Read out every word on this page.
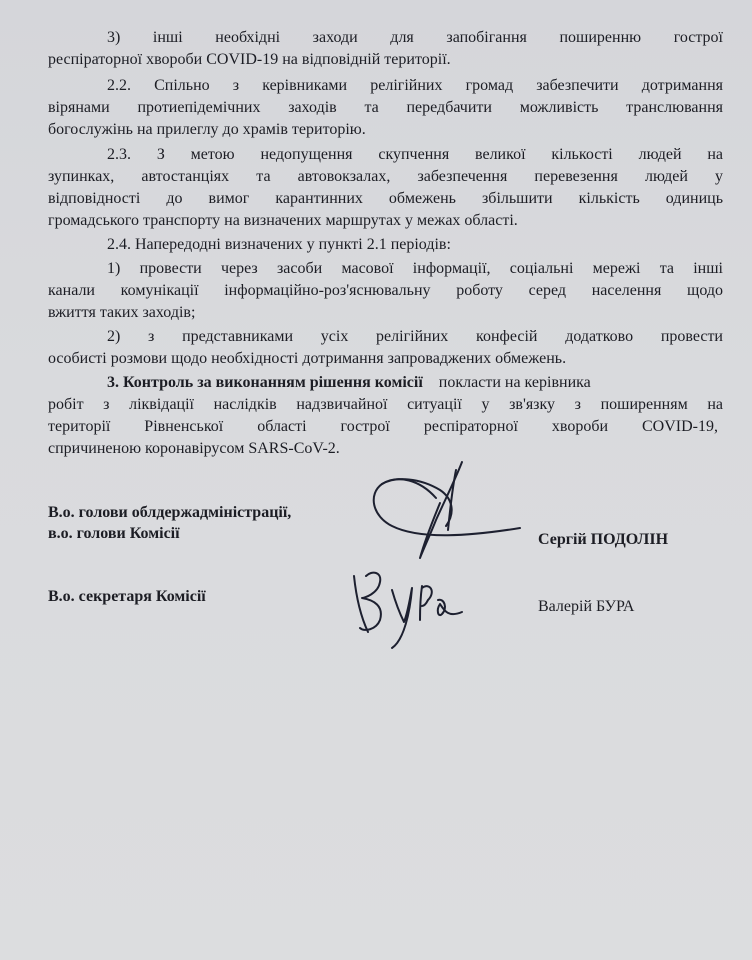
3) інші необхідні заходи для запобігання поширенню гострої
респіраторної хвороби COVID-19 на відповідній території.
2.2. Спільно з керівниками релігійних громад забезпечити дотримання
вірянами протиепідемічних заходів та передбачити можливість транслювання
богослужінь на прилеглу до храмів територію.
2.3. З метою недопущення скупчення великої кількості людей на
зупинках, автостанціях та автовокзалах, забезпечення перевезення людей у
відповідності до вимог карантинних обмежень збільшити кількість одиниць
громадського транспорту на визначених маршрутах у межах області.
2.4. Напередодні визначених у пункті 2.1 періодів:
1) провести через засоби масової інформації, соціальні мережі та інші
канали комунікації інформаційно-роз'яснювальну роботу серед населення щодо
вжиття таких заходів;
2) з представниками усіх релігійних конфесій додатково провести
особисті розмови щодо необхідності дотримання запроваджених обмежень.
3. Контроль за виконанням рішення комісії покласти на керівника
робіт з ліквідації наслідків надзвичайної ситуації у зв'язку з поширенням на
території Рівненської області гострої респіраторної хвороби COVID-19,
спричиненою коронавірусом SARS-CoV-2.
В.о. голови облдержадміністрації,
в.о. голови Комісії	Сергій ПОДОЛІН
В.о. секретаря Комісії
Валерій БУРА
